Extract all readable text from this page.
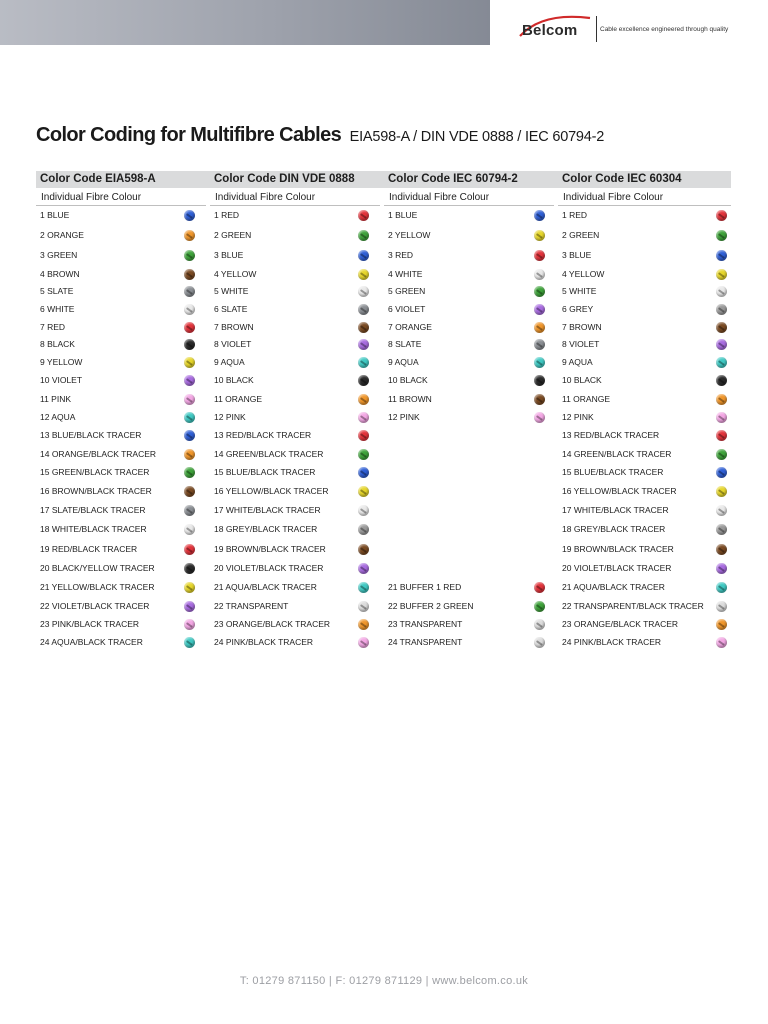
Belcom	Cable excellence engineered through quality
Color Coding for Multifibre Cables EIA598-A / DIN VDE 0888 / IEC 60794-2
Color Code EIA598-A
Individual Fibre Colour
1 BLUE
2 ORANGE
3 GREEN
4 BROWN
5 SLATE
6 WHITE
7 RED
8 BLACK
9 YELLOW
10 VIOLET
11 PINK
12 AQUA
13 BLUE/BLACK TRACER
14 ORANGE/BLACK TRACER
15 GREEN/BLACK TRACER
16 BROWN/BLACK TRACER
17 SLATE/BLACK TRACER
18 WHITE/BLACK TRACER
19 RED/BLACK TRACER
20 BLACK/YELLOW TRACER
21 YELLOW/BLACK TRACER
22 VIOLET/BLACK TRACER
23 PINK/BLACK TRACER
24 AQUA/BLACK TRACER
Color Code DIN VDE 0888
Individual Fibre Colour
1 RED
2 GREEN
3 BLUE
4 YELLOW
5 WHITE
6 SLATE
7 BROWN
8 VIOLET
9 AQUA
10 BLACK
11 ORANGE
12 PINK
13 RED/BLACK TRACER
14 GREEN/BLACK TRACER
15 BLUE/BLACK TRACER
16 YELLOW/BLACK TRACER
17 WHITE/BLACK TRACER
18 GREY/BLACK TRACER
19 BROWN/BLACK TRACER
20 VIOLET/BLACK TRACER
21 AQUA/BLACK TRACER
22 TRANSPARENT
23 ORANGE/BLACK TRACER
24 PINK/BLACK TRACER
Color Code IEC 60794-2
Individual Fibre Colour
1 BLUE
2 YELLOW
3 RED
4 WHITE
5 GREEN
6 VIOLET
7 ORANGE
8 SLATE
9 AQUA
10 BLACK
11 BROWN
12 PINK
21 BUFFER 1 RED
22 BUFFER 2 GREEN
23 TRANSPARENT
24 TRANSPARENT
Color Code IEC 60304
Individual Fibre Colour
1 RED
2 GREEN
3 BLUE
4 YELLOW
5 WHITE
6 GREY
7 BROWN
8 VIOLET
9 AQUA
10 BLACK
11 ORANGE
12 PINK
13 RED/BLACK TRACER
14 GREEN/BLACK TRACER
15 BLUE/BLACK TRACER
16 YELLOW/BLACK TRACER
17 WHITE/BLACK TRACER
18 GREY/BLACK TRACER
19 BROWN/BLACK TRACER
20 VIOLET/BLACK TRACER
21 AQUA/BLACK TRACER
22 TRANSPARENT/BLACK TRACER
23 ORANGE/BLACK TRACER
24 PINK/BLACK TRACER
T: 01279 871150 | F: 01279 871129 | www.belcom.co.uk
